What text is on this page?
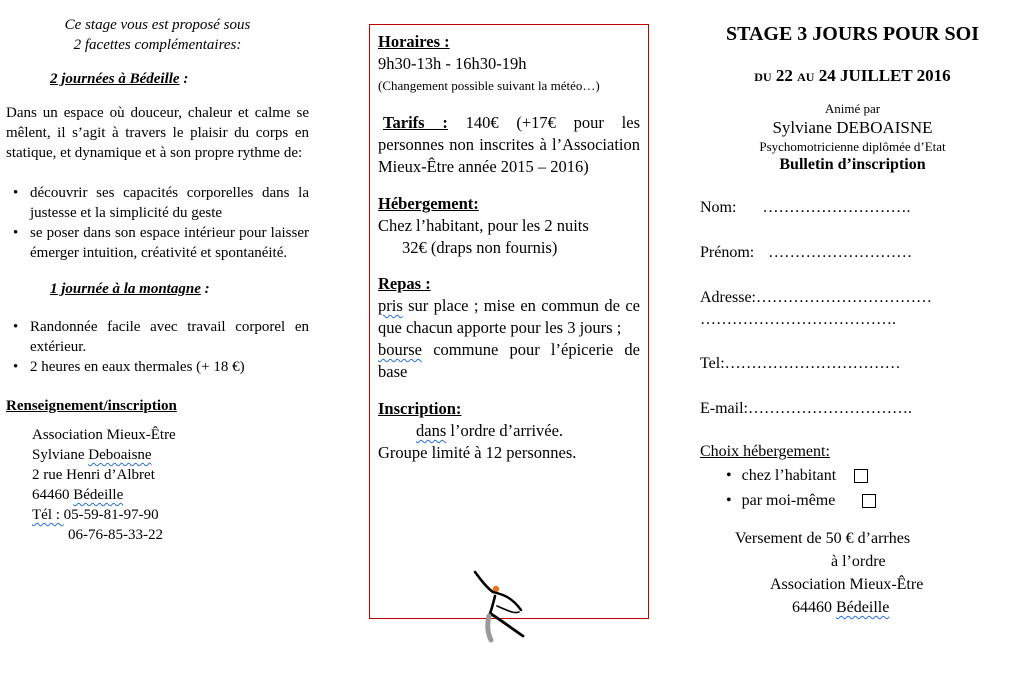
Ce stage vous est proposé sous
2 facettes complémentaires:
2 journées à Bédeille :
Dans un espace où douceur, chaleur et calme se mêlent, il s’agit à travers le plaisir du corps en statique, et dynamique et à son propre rythme de:
• découvrir ses capacités corporelles dans la justesse et la simplicité du geste
• se poser dans son espace intérieur pour laisser émerger intuition, créativité et spontanéité.
1 journée à la montagne :
• Randonnée facile avec travail corporel en extérieur.
• 2 heures en eaux thermales (+ 18 €)
Renseignement/inscription
Association Mieux-Être
Sylviane Deboaisne
2 rue Henri d’Albret
64460 Bédeille
Tél : 05-59-81-97-90
06-76-85-33-22
Horaires :
9h30-13h - 16h30-19h
(Changement possible suivant la météo…)
Tarifs : 140€ (+17€ pour les personnes non inscrites à l’Association Mieux-Être année 2015 – 2016)
Hébergement:
Chez l’habitant, pour les 2 nuits
32€ (draps non fournis)
Repas :
pris sur place ; mise en commun de ce que chacun apporte pour les 3 jours ;
bourse commune pour l’épicerie de base
Inscription:
dans l’ordre d’arrivée.
Groupe limité à 12 personnes.
STAGE 3 JOURS POUR SOI
DU 22 AU 24 JUILLET 2016
Animé par
Sylviane DEBOAISNE
Psychomotricienne diplômée d’Etat
Bulletin d’inscription
Nom: ……………………….
Prénom: ………………………
Adresse:……………………………
……………………………….
Tel:……………………………
E-mail:………………………….
Choix hébergement:
• chez l’habitant
• par moi-même
Versement de 50 € d’arrhes
à l’ordre
Association Mieux-Être
64460 Bédeille
